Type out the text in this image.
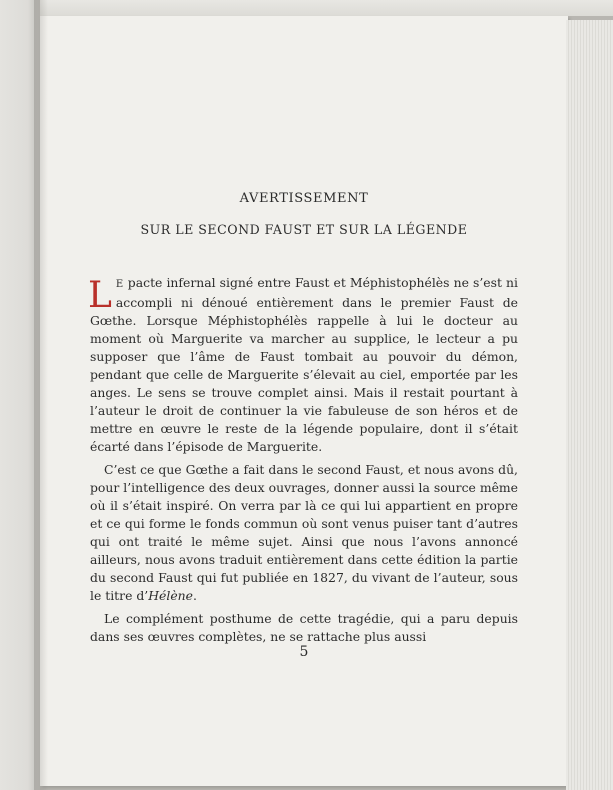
AVERTISSEMENT
SUR LE SECOND FAUST ET SUR LA LÉGENDE

L E pacte infernal signé entre Faust et Méphistophélès ne s’est ni accompli ni dénoué entièrement dans le premier Faust de Gœthe. Lorsque Méphistophélès rappelle à lui le docteur au moment où Marguerite va marcher au supplice, le lecteur a pu supposer que l’âme de Faust tombait au pouvoir du démon, pendant que celle de Marguerite s’élevait au ciel, emportée par les anges. Le sens se trouve complet ainsi. Mais il restait pourtant à l’auteur le droit de continuer la vie fabuleuse de son héros et de mettre en œuvre le reste de la légende populaire, dont il s’était écarté dans l’épisode de Marguerite.

C’est ce que Gœthe a fait dans le second Faust, et nous avons dû, pour l’intelligence des deux ouvrages, donner aussi la source même où il s’était inspiré. On verra par là ce qui lui appartient en propre et ce qui forme le fonds commun où sont venus puiser tant d’autres qui ont traité le même sujet. Ainsi que nous l’avons annoncé ailleurs, nous avons traduit entièrement dans cette édition la partie du second Faust qui fut publiée en 1827, du vivant de l’auteur, sous le titre d’Hélène.

Le complément posthume de cette tragédie, qui a paru depuis dans ses œuvres complètes, ne se rattache plus aussi

5
